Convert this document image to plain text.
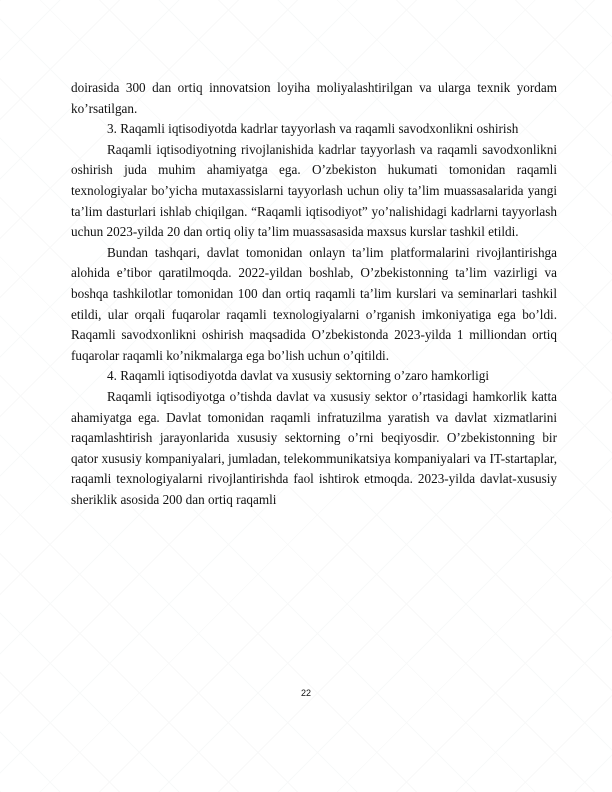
doirasida 300 dan ortiq innovatsion loyiha moliyalashtirilgan va ularga texnik yordam ko’rsatilgan.

3. Raqamli iqtisodiyotda kadrlar tayyorlash va raqamli savodxonlikni oshirish

Raqamli iqtisodiyotning rivojlanishida kadrlar tayyorlash va raqamli savodxonlikni oshirish juda muhim ahamiyatga ega. O’zbekiston hukumati tomonidan raqamli texnologiyalar bo’yicha mutaxassislarni tayyorlash uchun oliy ta’lim muassasalarida yangi ta’lim dasturlari ishlab chiqilgan. “Raqamli iqtisodiyot” yo’nalishidagi kadrlarni tayyorlash uchun 2023-yilda 20 dan ortiq oliy ta’lim muassasasida maxsus kurslar tashkil etildi.

Bundan tashqari, davlat tomonidan onlayn ta’lim platformalarini rivojlantirishga alohida e’tibor qaratilmoqda. 2022-yildan boshlab, O’zbekistonning ta’lim vazirligi va boshqa tashkilotlar tomonidan 100 dan ortiq raqamli ta’lim kurslari va seminarlari tashkil etildi, ular orqali fuqarolar raqamli texnologiyalarni o’rganish imkoniyatiga ega bo’ldi. Raqamli savodxonlikni oshirish maqsadida O’zbekistonda 2023-yilda 1 milliondan ortiq fuqarolar raqamli ko’nikmalarga ega bo’lish uchun o’qitildi.

4. Raqamli iqtisodiyotda davlat va xususiy sektorning o’zaro hamkorligi

Raqamli iqtisodiyotga o’tishda davlat va xususiy sektor o’rtasidagi hamkorlik katta ahamiyatga ega. Davlat tomonidan raqamli infratuzilma yaratish va davlat xizmatlarini raqamlashtirish jarayonlarida xususiy sektorning o’rni beqiyosdir. O’zbekistonning bir qator xususiy kompaniyalari, jumladan, telekommunikatsiya kompaniyalari va IT-startaplar, raqamli texnologiyalarni rivojlantirishda faol ishtirok etmoqda. 2023-yilda davlat-xususiy sheriklik asosida 200 dan ortiq raqamli

22
